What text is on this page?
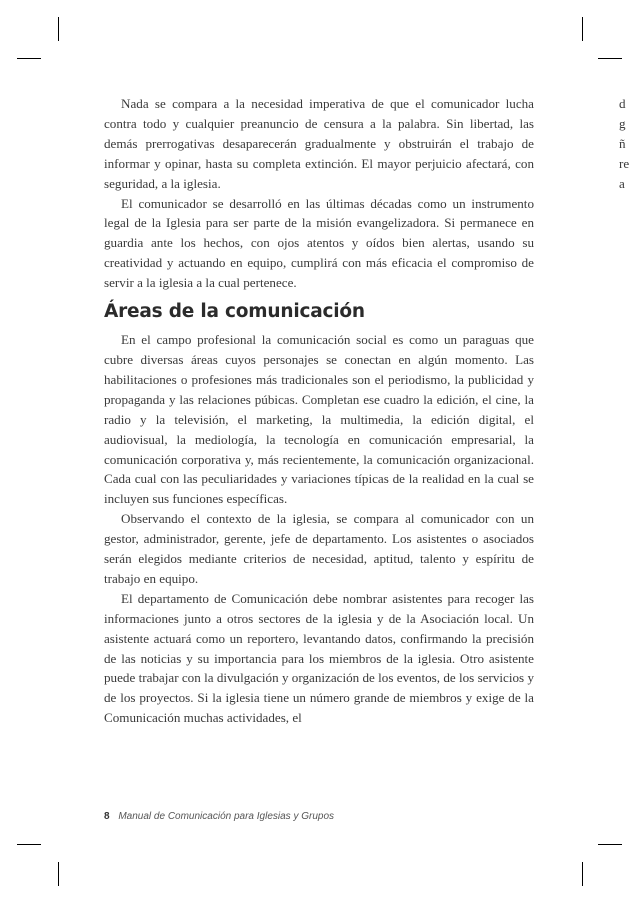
Nada se compara a la necesidad imperativa de que el comunicador lucha contra todo y cualquier preanuncio de censura a la palabra. Sin libertad, las demás prerrogativas desaparecerán gradualmente y obstruirán el trabajo de informar y opinar, hasta su completa extinción. El mayor perjuicio afectará, con seguridad, a la iglesia.

El comunicador se desarrolló en las últimas décadas como un instrumento legal de la Iglesia para ser parte de la misión evangelizadora. Si permanece en guardia ante los hechos, con ojos atentos y oídos bien alertas, usando su creatividad y actuando en equipo, cumplirá con más eficacia el compromiso de servir a la iglesia a la cual pertenece.

Áreas de la comunicación

En el campo profesional la comunicación social es como un paraguas que cubre diversas áreas cuyos personajes se conectan en algún momento. Las habilitaciones o profesiones más tradicionales son el periodismo, la publicidad y propaganda y las relaciones púbicas. Completan ese cuadro la edición, el cine, la radio y la televisión, el marketing, la multimedia, la edición digital, el audiovisual, la mediología, la tecnología en comunicación empresarial, la comunicación corporativa y, más recientemente, la comunicación organizacional. Cada cual con las peculiaridades y variaciones típicas de la realidad en la cual se incluyen sus funciones específicas.

Observando el contexto de la iglesia, se compara al comunicador con un gestor, administrador, gerente, jefe de departamento. Los asistentes o asociados serán elegidos mediante criterios de necesidad, aptitud, talento y espíritu de trabajo en equipo.

El departamento de Comunicación debe nombrar asistentes para recoger las informaciones junto a otros sectores de la iglesia y de la Asociación local. Un asistente actuará como un reportero, levantando datos, confirmando la precisión de las noticias y su importancia para los miembros de la iglesia. Otro asistente puede trabajar con la divulgación y organización de los eventos, de los servicios y de los proyectos. Si la iglesia tiene un número grande de miembros y exige de la Comunicación muchas actividades, el

d
g
ñ
re
a
8 Manual de Comunicación para Iglesias y Grupos
